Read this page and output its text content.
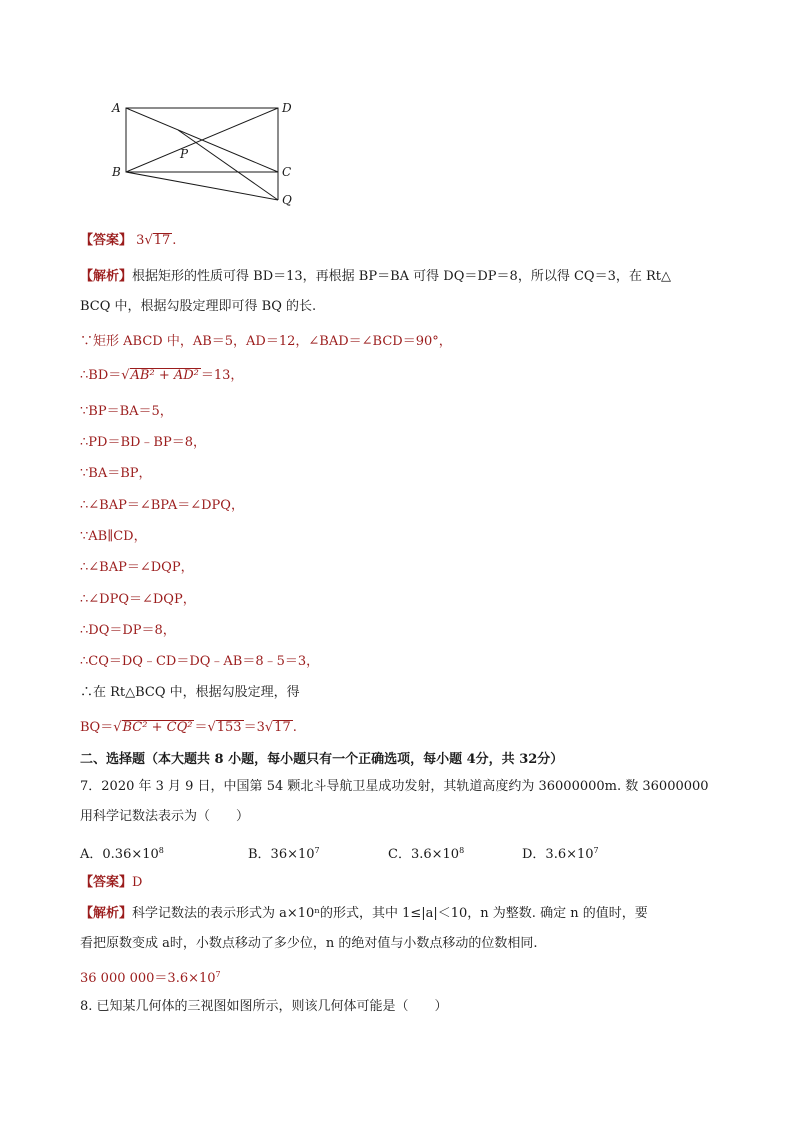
A	D
B	C
P
Q
【答案】 3√17 .
【解析】根据矩形的性质可得 BD＝13，再根据 BP＝BA 可得 DQ＝DP＝8，所以得 CQ＝3，在 Rt△
BCQ 中，根据勾股定理即可得 BQ 的长.
∵矩形 ABCD 中，AB＝5，AD＝12，∠BAD＝∠BCD＝90°，
∴BD＝√AB² + AD² ＝13，
∵BP＝BA＝5，
∴PD＝BD﹣BP＝8，
∵BA＝BP，
∴∠BAP＝∠BPA＝∠DPQ，
∵AB∥CD，
∴∠BAP＝∠DQP，
∴∠DPQ＝∠DQP，
∴DQ＝DP＝8，
∴CQ＝DQ﹣CD＝DQ﹣AB＝8﹣5＝3，
∴在 Rt△BCQ 中，根据勾股定理，得
BQ＝√BC² + CQ² ＝√153 ＝3√17 .
二、选择题（本大题共 8 小题，每小题只有一个正确选项，每小题 4分，共 32分）
7．2020 年 3 月 9 日，中国第 54 颗北斗导航卫星成功发射，其轨道高度约为 36000000m. 数 36000000
用科学记数法表示为（　　）
A．$0.36\times 10^8$	B．$36\times 10^7$	C．$3.6\times 10^8$	D．$3.6\times 10^7$
【答案】D
【解析】科学记数法的表示形式为 a×10ⁿ的形式，其中 1≤|a|＜10，n 为整数. 确定 n 的值时，要
看把原数变成 a时，小数点移动了多少位，n 的绝对值与小数点移动的位数相同.
36 000 $000=3.6\times 10^7$
8. 已知某几何体的三视图如图所示，则该几何体可能是（　　）
